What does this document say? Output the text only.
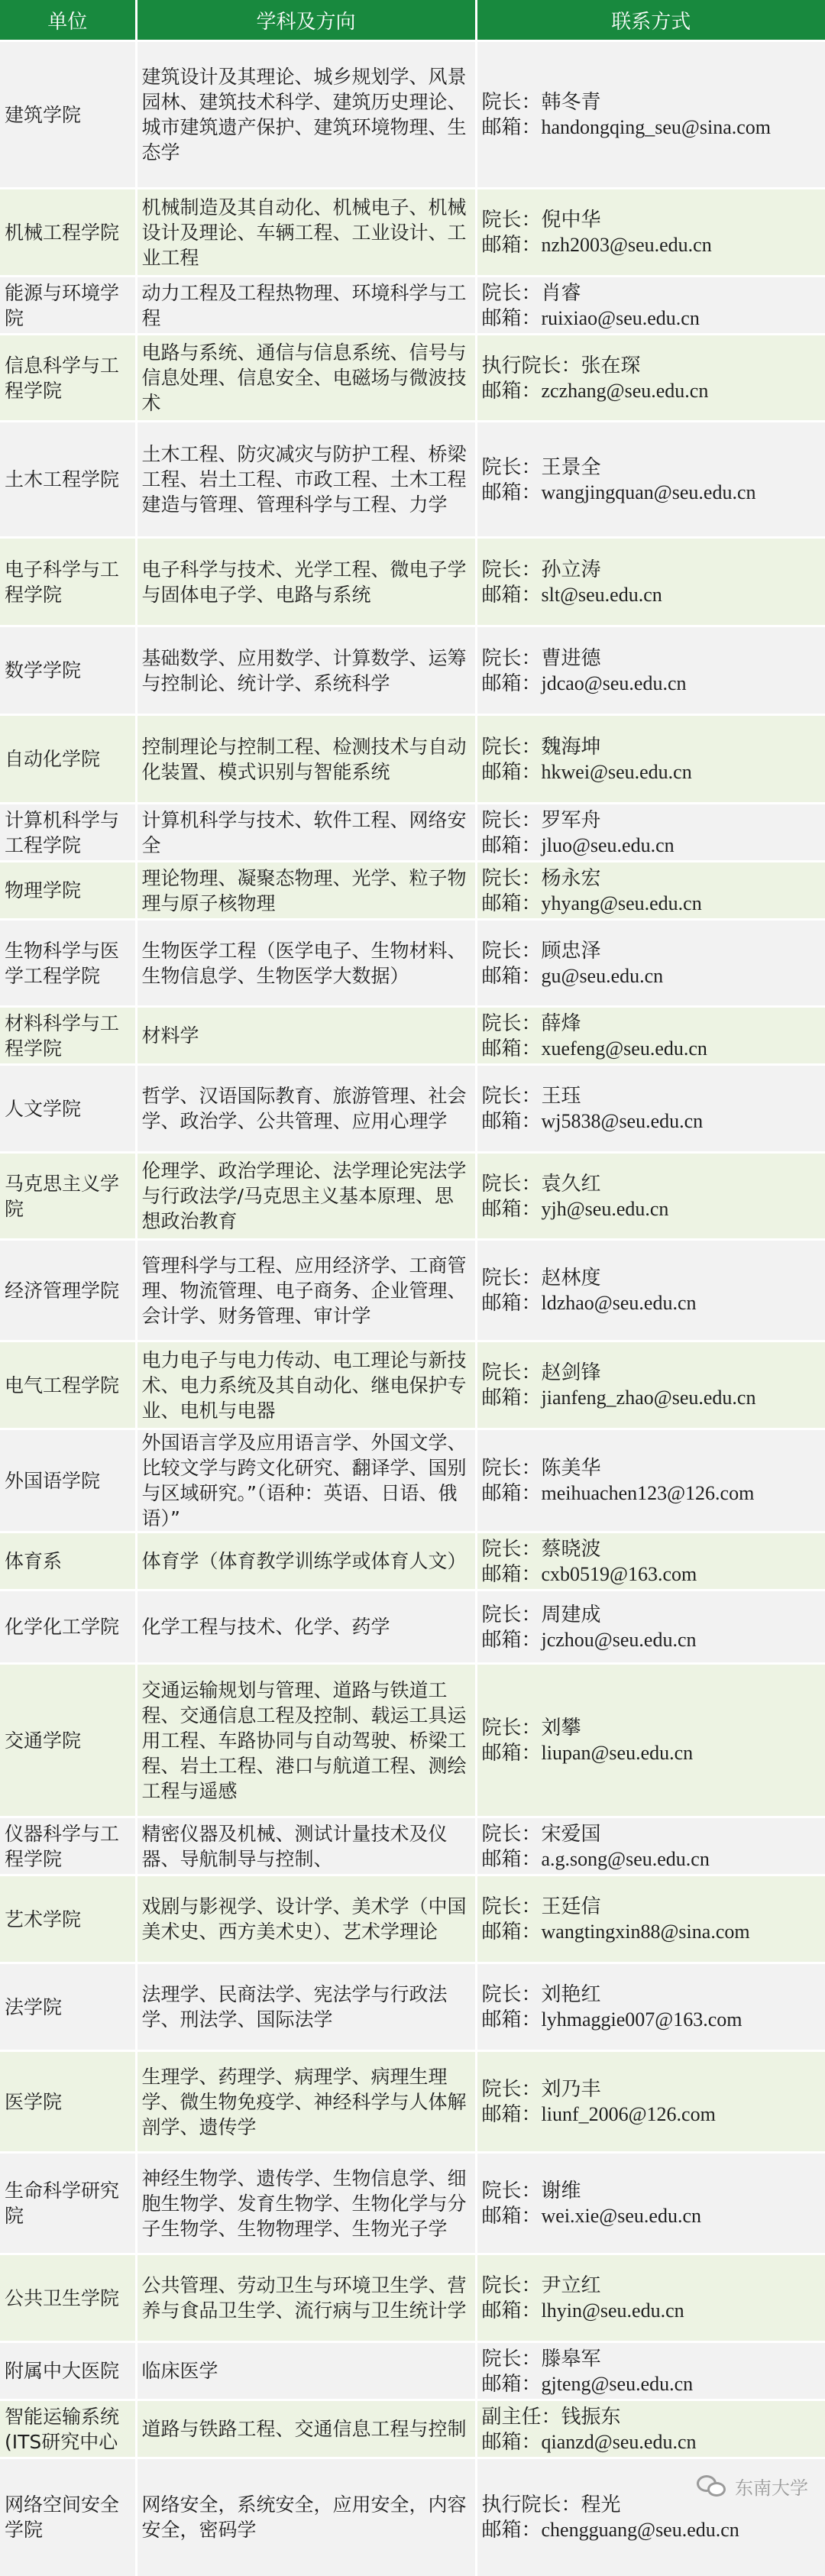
单位	学科及方向	联系方式
建筑学院	建筑设计及其理论、城乡规划学、风景园林、建筑技术科学、建筑历史理论、城市建筑遗产保护、建筑环境物理、生态学	院长：韩冬青
邮箱：handongqing_seu@sina.com

机械工程学院	机械制造及其自动化、机械电子、机械设计及理论、车辆工程、工业设计、工业工程	院长：倪中华
邮箱：nzh2003@seu.edu.cn

能源与环境学院	动力工程及工程热物理、环境科学与工程	院长：肖睿
邮箱：ruixiao@seu.edu.cn

信息科学与工程学院	电路与系统、通信与信息系统、信号与信息处理、信息安全、电磁场与微波技术	执行院长：张在琛
邮箱：zczhang@seu.edu.cn

土木工程学院	土木工程、防灾减灾与防护工程、桥梁工程、岩土工程、市政工程、土木工程建造与管理、管理科学与工程、力学	院长：王景全
邮箱：wangjingquan@seu.edu.cn

电子科学与工程学院	电子科学与技术、光学工程、微电子学与固体电子学、电路与系统	院长：孙立涛
邮箱：slt@seu.edu.cn

数学学院	基础数学、应用数学、计算数学、运筹与控制论、统计学、系统科学	院长：曹进德
邮箱：jdcao@seu.edu.cn

自动化学院	控制理论与控制工程、检测技术与自动化装置、模式识别与智能系统	院长：魏海坤
邮箱：hkwei@seu.edu.cn

计算机科学与工程学院	计算机科学与技术、软件工程、网络安全	院长：罗军舟
邮箱：jluo@seu.edu.cn

物理学院	理论物理、凝聚态物理、光学、粒子物理与原子核物理	院长：杨永宏
邮箱：yhyang@seu.edu.cn

生物科学与医学工程学院	生物医学工程（医学电子、生物材料、生物信息学、生物医学大数据）	院长：顾忠泽
邮箱：gu@seu.edu.cn

材料科学与工程学院	材料学	院长：薛烽
邮箱：xuefeng@seu.edu.cn

人文学院	哲学、汉语国际教育、旅游管理、社会学、政治学、公共管理、应用心理学	院长：王珏
邮箱：wj5838@seu.edu.cn

马克思主义学院	伦理学、政治学理论、法学理论宪法学与行政法学/马克思主义基本原理、思想政治教育	院长：袁久红
邮箱：yjh@seu.edu.cn

经济管理学院	管理科学与工程、应用经济学、工商管理、物流管理、电子商务、企业管理、会计学、财务管理、审计学	院长：赵林度
邮箱：ldzhao@seu.edu.cn

电气工程学院	电力电子与电力传动、电工理论与新技术、电力系统及其自动化、继电保护专业、电机与电器	院长：赵剑锋
邮箱：jianfeng_zhao@seu.edu.cn

外国语学院	外国语言学及应用语言学、外国文学、比较文学与跨文化研究、翻译学、国别与区域研究。”（语种：英语、日语、俄语）”	院长：陈美华
邮箱：meihuachen123@126.com

体育系	体育学（体育教学训练学或体育人文）	院长：蔡晓波
邮箱：cxb0519@163.com

化学化工学院	化学工程与技术、化学、药学	院长：周建成
邮箱：jczhou@seu.edu.cn

交通学院	交通运输规划与管理、道路与铁道工程、交通信息工程及控制、载运工具运用工程、车路协同与自动驾驶、桥梁工程、岩土工程、港口与航道工程、测绘工程与遥感	院长：刘攀
邮箱：liupan@seu.edu.cn

仪器科学与工程学院	精密仪器及机械、测试计量技术及仪器、导航制导与控制、	院长：宋爱国
邮箱：a.g.song@seu.edu.cn

艺术学院	戏剧与影视学、设计学、美术学（中国美术史、西方美术史）、艺术学理论	院长：王廷信
邮箱：wangtingxin88@sina.com

法学院	法理学、民商法学、宪法学与行政法学、刑法学、国际法学	院长：刘艳红
邮箱：lyhmaggie007@163.com

医学院	生理学、药理学、病理学、病理生理学、微生物免疫学、神经科学与人体解剖学、遗传学	院长：刘乃丰
邮箱：liunf_2006@126.com

生命科学研究院	神经生物学、遗传学、生物信息学、细胞生物学、发育生物学、生物化学与分子生物学、生物物理学、生物光子学	院长：谢维
邮箱：wei.xie@seu.edu.cn

公共卫生学院	公共管理、劳动卫生与环境卫生学、营养与食品卫生学、流行病与卫生统计学	院长：尹立红
邮箱：lhyin@seu.edu.cn

附属中大医院	临床医学	院长：滕皋军
邮箱：gjteng@seu.edu.cn

智能运输系统(ITS研究中心	道路与铁路工程、交通信息工程与控制	副主任：钱振东
邮箱：qianzd@seu.edu.cn

网络空间安全学院	网络安全，系统安全，应用安全，内容安全，密码学	执行院长：程光
邮箱：chengguang@seu.edu.cn
东南大学
